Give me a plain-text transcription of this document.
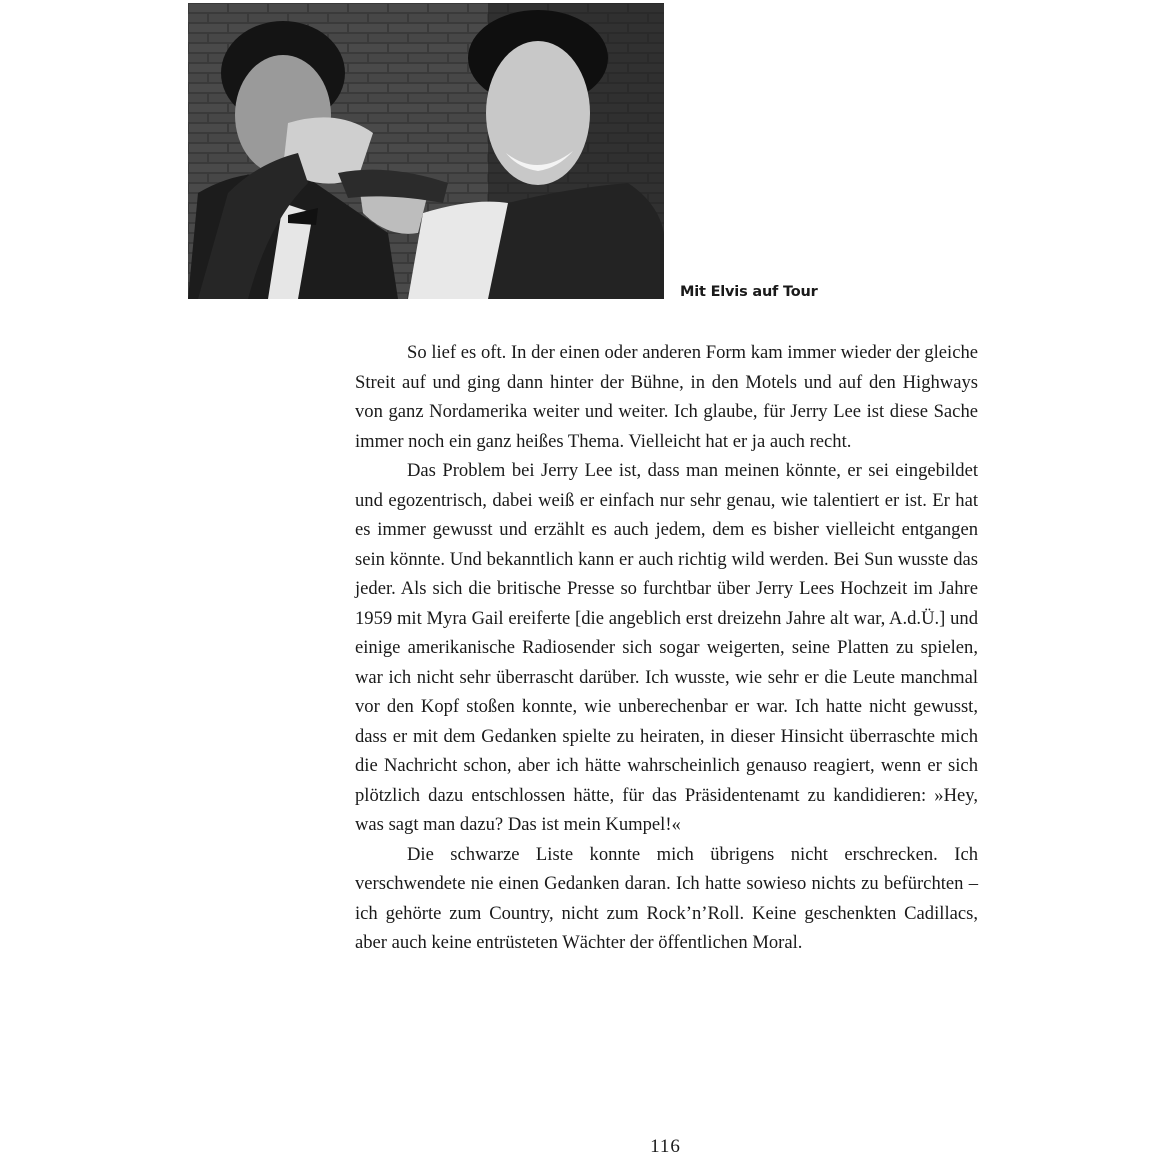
Mit Elvis auf Tour

So lief es oft. In der einen oder anderen Form kam immer wieder der gleiche Streit auf und ging dann hinter der Bühne, in den Motels und auf den Highways von ganz Nordamerika weiter und weiter. Ich glaube, für Jerry Lee ist diese Sache immer noch ein ganz heißes Thema. Vielleicht hat er ja auch recht.

Das Problem bei Jerry Lee ist, dass man meinen könnte, er sei eingebildet und egozentrisch, dabei weiß er einfach nur sehr genau, wie talentiert er ist. Er hat es immer gewusst und erzählt es auch jedem, dem es bisher vielleicht entgangen sein könnte. Und bekanntlich kann er auch richtig wild werden. Bei Sun wusste das jeder. Als sich die britische Presse so furchtbar über Jerry Lees Hochzeit im Jahre 1959 mit Myra Gail ereiferte [die angeblich erst dreizehn Jahre alt war, A.d.Ü.] und einige amerikanische Radiosender sich sogar weigerten, seine Platten zu spielen, war ich nicht sehr überrascht darüber. Ich wusste, wie sehr er die Leute manchmal vor den Kopf stoßen konnte, wie unberechenbar er war. Ich hatte nicht gewusst, dass er mit dem Gedanken spielte zu heiraten, in dieser Hinsicht überraschte mich die Nachricht schon, aber ich hätte wahrscheinlich genauso reagiert, wenn er sich plötzlich dazu entschlossen hätte, für das Präsidentenamt zu kandidieren: »Hey, was sagt man dazu? Das ist mein Kumpel!«

Die schwarze Liste konnte mich übrigens nicht erschrecken. Ich verschwendete nie einen Gedanken daran. Ich hatte sowieso nichts zu befürchten – ich gehörte zum Country, nicht zum Rock’n’Roll. Keine geschenkten Cadillacs, aber auch keine entrüsteten Wächter der öffentlichen Moral.

116
